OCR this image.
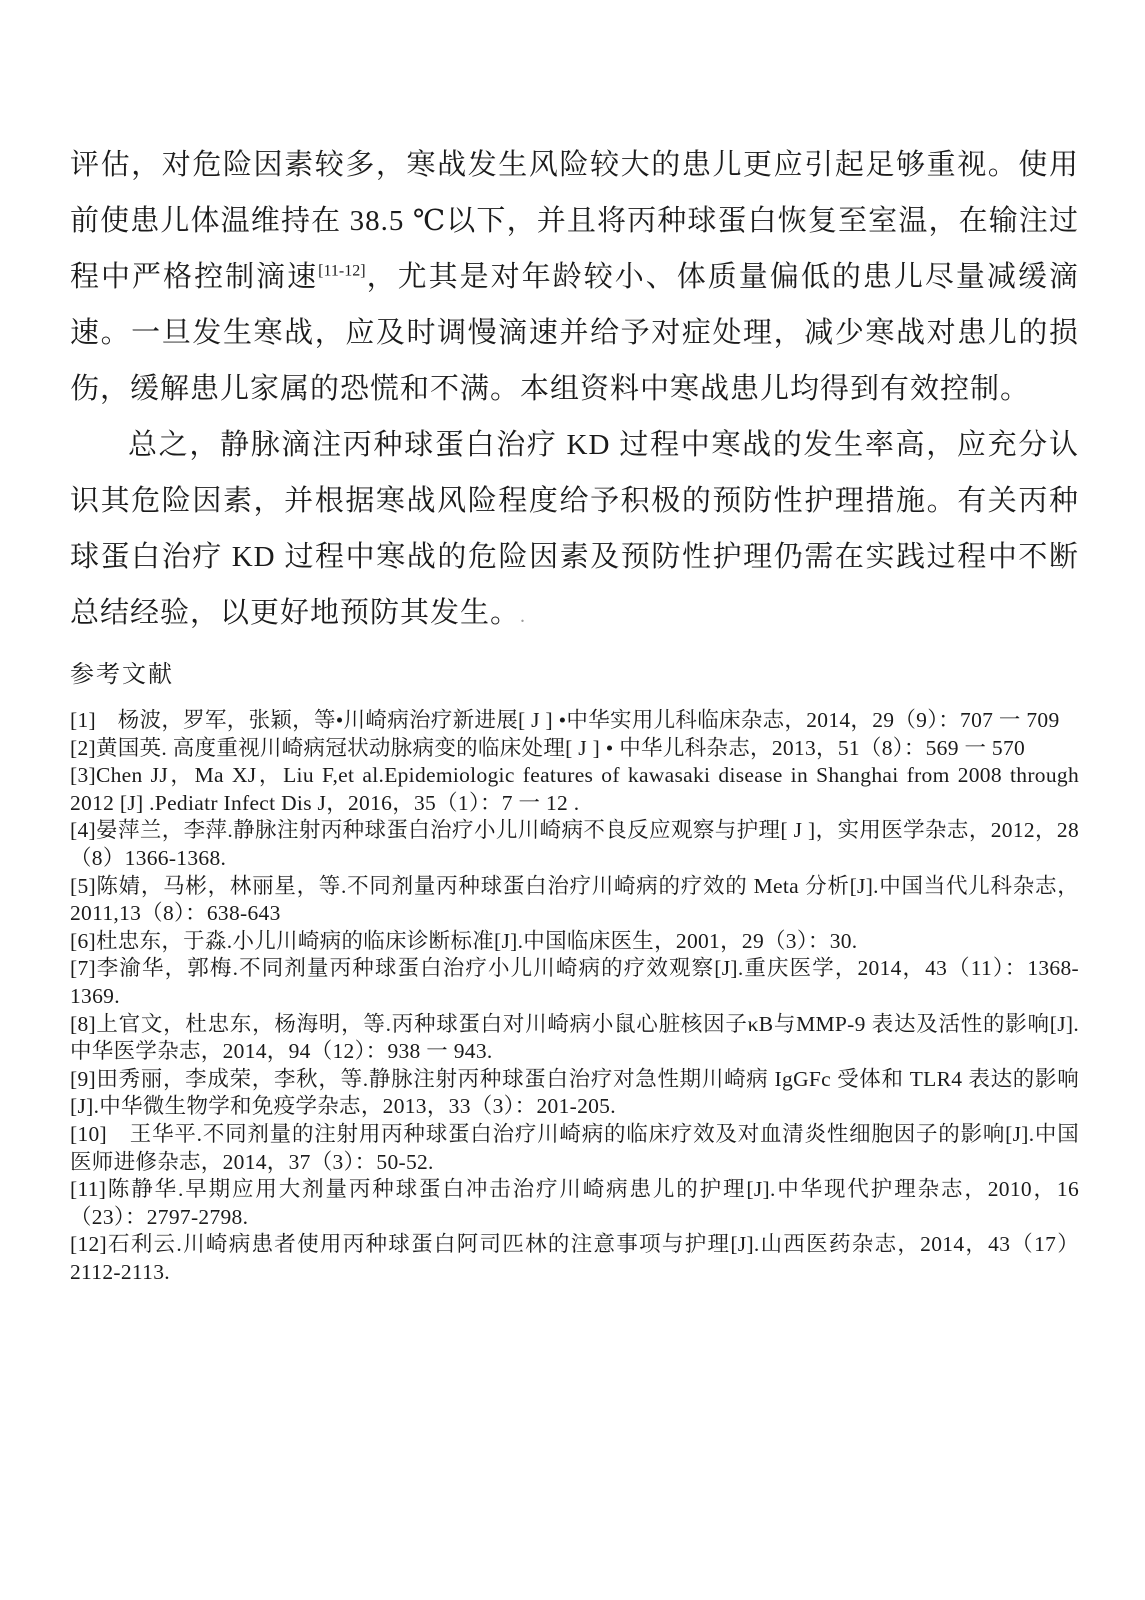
评估，对危险因素较多，寒战发生风险较大的患儿更应引起足够重视。使用前使患儿体温维持在 38.5 ℃以下，并且将丙种球蛋白恢复至室温，在输注过程中严格控制滴速[11-12]，尤其是对年龄较小、体质量偏低的患儿尽量减缓滴速。一旦发生寒战，应及时调慢滴速并给予对症处理，减少寒战对患儿的损伤，缓解患儿家属的恐慌和不满。本组资料中寒战患儿均得到有效控制。

总之，静脉滴注丙种球蛋白治疗 KD 过程中寒战的发生率高，应充分认识其危险因素，并根据寒战风险程度给予积极的预防性护理措施。有关丙种球蛋白治疗 KD 过程中寒战的危险因素及预防性护理仍需在实践过程中不断总结经验，以更好地预防其发生。.

参考文献

[1]　杨波，罗军，张颖，等•川崎病治疗新进展[ J ] •中华实用儿科临床杂志，2014，29（9）：707 一 709

[2]黄国英. 高度重视川崎病冠状动脉病变的临床处理[ J ] • 中华儿科杂志，2013，51（8）：569 一 570

[3]Chen JJ，Ma XJ，Liu F,et al.Epidemiologic features of kawasaki disease in Shanghai from 2008 through 2012 [J] .Pediatr Infect Dis J，2016，35（1）：7 一 12 .

[4]晏萍兰，李萍.静脉注射丙种球蛋白治疗小儿川崎病不良反应观察与护理[ J ]，实用医学杂志，2012，28（8）1366-1368.

[5]陈婧，马彬，林丽星，等.不同剂量丙种球蛋白治疗川崎病的疗效的 Meta 分析[J].中国当代儿科杂志，2011,13（8）：638-643

[6]杜忠东，于淼.小儿川崎病的临床诊断标准[J].中国临床医生，2001，29（3）：30.

[7]李渝华，郭梅.不同剂量丙种球蛋白治疗小儿川崎病的疗效观察[J].重庆医学，2014，43（11）：1368-1369.

[8]上官文，杜忠东，杨海明，等.丙种球蛋白对川崎病小鼠心脏核因子κB与MMP-9 表达及活性的影响[J].中华医学杂志，2014，94（12）：938 一 943.

[9]田秀丽，李成荣，李秋，等.静脉注射丙种球蛋白治疗对急性期川崎病 IgGFc 受体和 TLR4 表达的影响[J].中华微生物学和免疫学杂志，2013，33（3）：201-205.

[10]　王华平.不同剂量的注射用丙种球蛋白治疗川崎病的临床疗效及对血清炎性细胞因子的影响[J].中国医师进修杂志，2014，37（3）：50-52.

[11]陈静华.早期应用大剂量丙种球蛋白冲击治疗川崎病患儿的护理[J].中华现代护理杂志，2010，16（23）：2797-2798.

[12]石利云.川崎病患者使用丙种球蛋白阿司匹林的注意事项与护理[J].山西医药杂志，2014，43（17）2112-2113.
